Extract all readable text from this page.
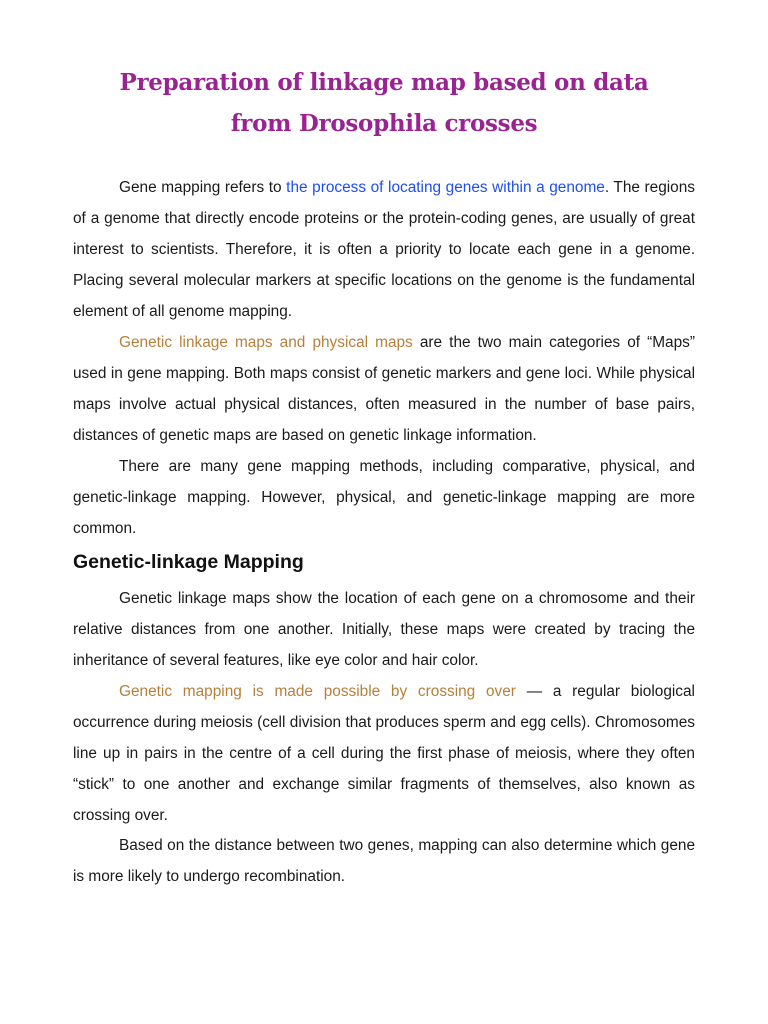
Preparation of linkage map based on data
from Drosophila crosses

Gene mapping refers to the process of locating genes within a genome. The regions of a genome that directly encode proteins or the protein-coding genes, are usually of great interest to scientists. Therefore, it is often a priority to locate each gene in a genome. Placing several molecular markers at specific locations on the genome is the fundamental element of all genome mapping.

Genetic linkage maps and physical maps are the two main categories of “Maps” used in gene mapping. Both maps consist of genetic markers and gene loci. While physical maps involve actual physical distances, often measured in the number of base pairs, distances of genetic maps are based on genetic linkage information.

There are many gene mapping methods, including comparative, physical, and genetic-linkage mapping. However, physical, and genetic-linkage mapping are more common.

Genetic-linkage Mapping

Genetic linkage maps show the location of each gene on a chromosome and their relative distances from one another. Initially, these maps were created by tracing the inheritance of several features, like eye color and hair color.

Genetic mapping is made possible by crossing over — a regular biological occurrence during meiosis (cell division that produces sperm and egg cells). Chromosomes line up in pairs in the centre of a cell during the first phase of meiosis, where they often “stick” to one another and exchange similar fragments of themselves, also known as crossing over.

Based on the distance between two genes, mapping can also determine which gene is more likely to undergo recombination.
